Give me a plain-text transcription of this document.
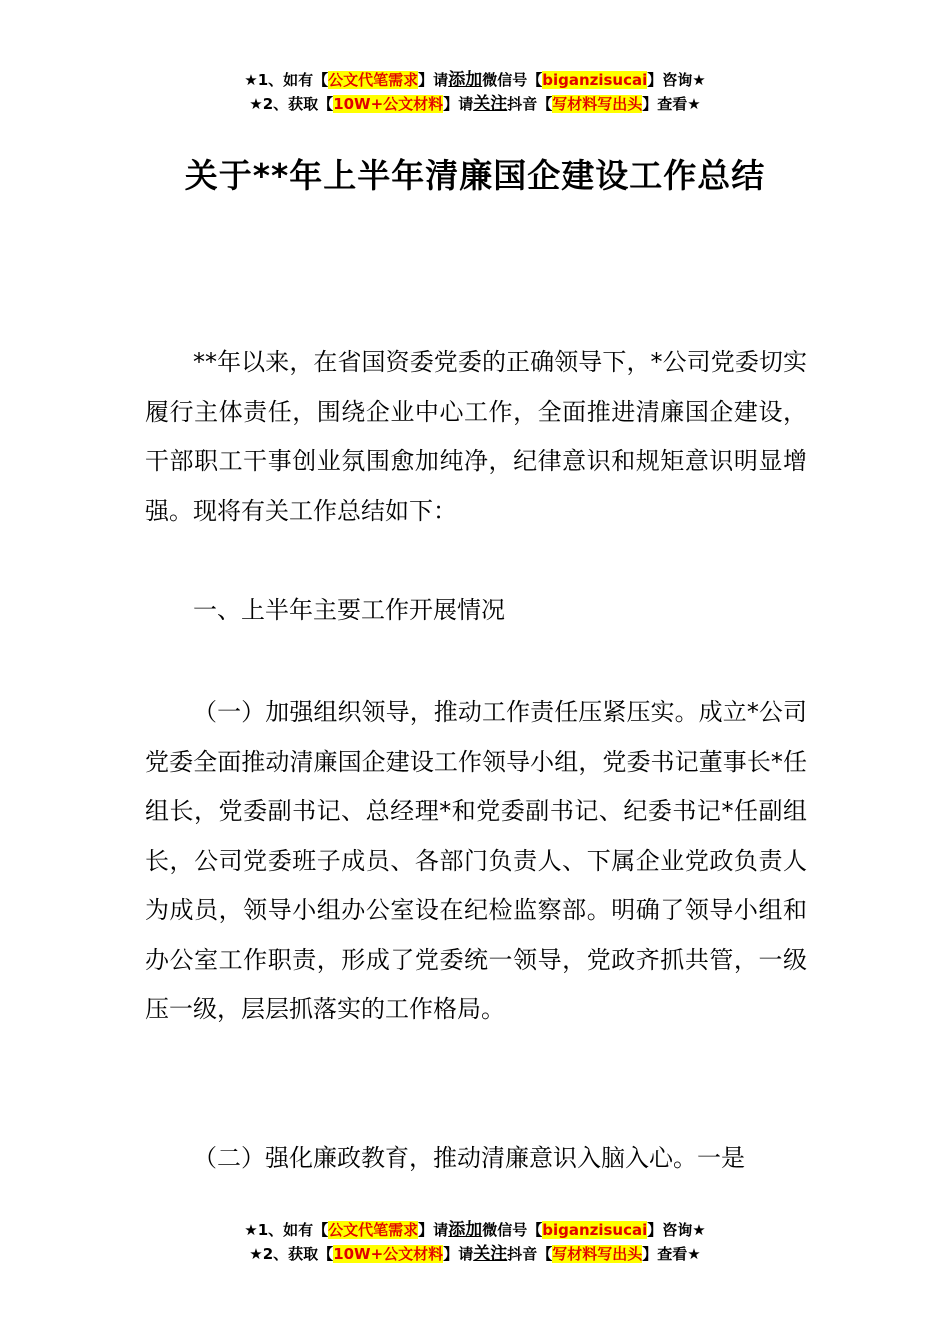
★1、如有【公文代笔需求】请添加微信号【biganzisucai】咨询★
★2、获取【10W+公文材料】请关注抖音【写材料写出头】查看★
关于**年上半年清廉国企建设工作总结

**年以来，在省国资委党委的正确领导下，*公司党委切实履行主体责任，围绕企业中心工作，全面推进清廉国企建设，干部职工干事创业氛围愈加纯净，纪律意识和规矩意识明显增强。现将有关工作总结如下：

一、上半年主要工作开展情况

（一）加强组织领导，推动工作责任压紧压实。成立*公司党委全面推动清廉国企建设工作领导小组，党委书记董事长*任组长，党委副书记、总经理*和党委副书记、纪委书记*任副组长，公司党委班子成员、各部门负责人、下属企业党政负责人为成员，领导小组办公室设在纪检监察部。明确了领导小组和办公室工作职责，形成了党委统一领导，党政齐抓共管，一级压一级，层层抓落实的工作格局。

（二）强化廉政教育，推动清廉意识入脑入心。一是

★1、如有【公文代笔需求】请添加微信号【biganzisucai】咨询★
★2、获取【10W+公文材料】请关注抖音【写材料写出头】查看★
